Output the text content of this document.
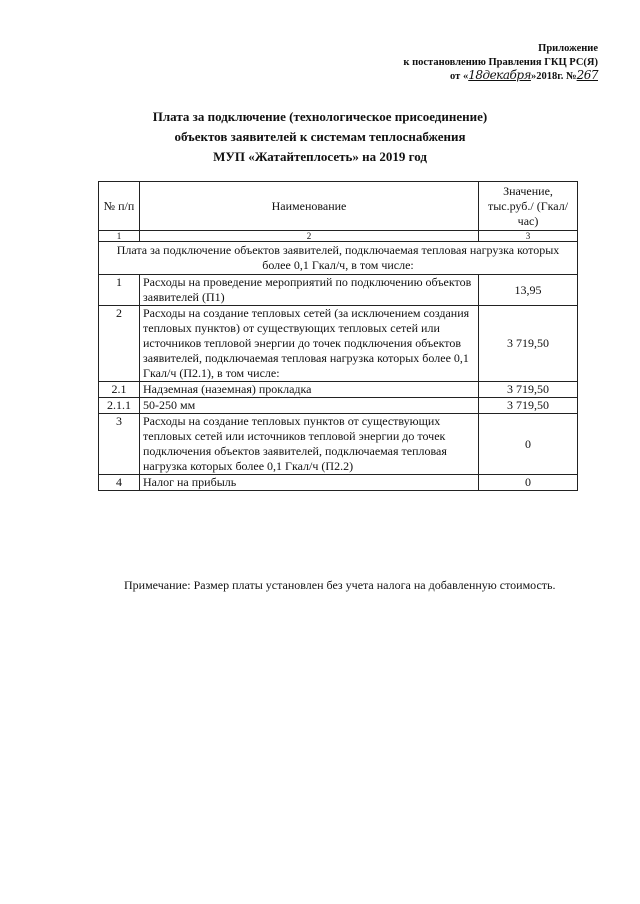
Приложение
к постановлению Правления ГКЦ РС(Я)
от «18декабря»2018г. №267
Плата за подключение (технологическое присоединение)
объектов заявителей к системам теплоснабжения
МУП «Жатайтеплосеть» на 2019 год
№ п/п	Наименование	Значение, тыс.руб./ (Гкал/час)
1	2	3
Плата за подключение объектов заявителей, подключаемая тепловая нагрузка которых более 0,1 Гкал/ч, в том числе:		
1	Расходы на проведение мероприятий по подключению объектов заявителей (П1)	13,95
2	Расходы на создание тепловых сетей (за исключением создания тепловых пунктов) от существующих тепловых сетей или источников тепловой энергии до точек подключения объектов заявителей, подключаемая тепловая нагрузка которых более 0,1 Гкал/ч (П2.1), в том числе:	3 719,50
2.1	Надземная (наземная) прокладка	3 719,50
2.1.1	50-250 мм	3 719,50
3	Расходы на создание тепловых пунктов от существующих тепловых сетей или источников тепловой энергии до точек подключения объектов заявителей, подключаемая тепловая нагрузка которых более 0,1 Гкал/ч (П2.2)	0
4	Налог на прибыль	0
Примечание: Размер платы установлен без учета налога на добавленную стоимость.
